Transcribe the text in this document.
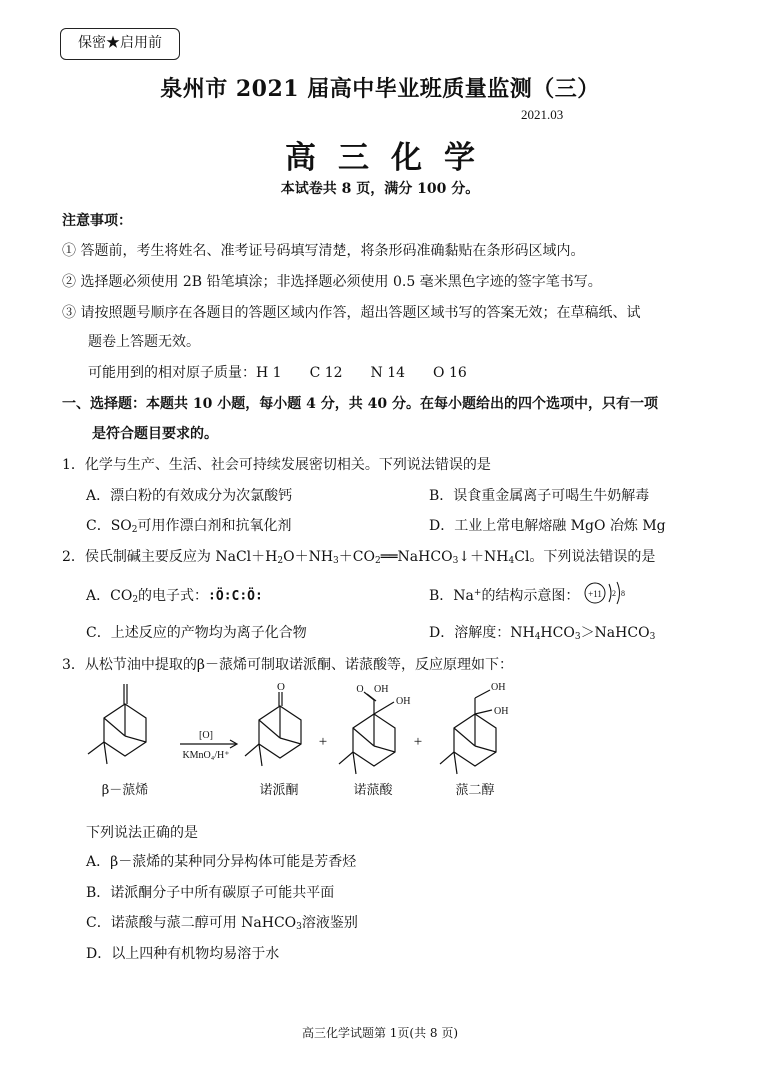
保密★启用前
泉州市 2021 届高中毕业班质量监测（三）
2021.03
高三化学
本试卷共 8 页，满分 100 分。
注意事项：
① 答题前，考生将姓名、准考证号码填写清楚，将条形码准确黏贴在条形码区域内。
② 选择题必须使用 2B 铅笔填涂；非选择题必须使用 0.5 毫米黑色字迹的签字笔书写。
③ 请按照题号顺序在各题目的答题区域内作答，超出答题区域书写的答案无效；在草稿纸、试
题卷上答题无效。
可能用到的相对原子质量：H 1　　C 12　　N 14　　O 16
一、选择题：本题共 10 小题，每小题 4 分，共 40 分。在每小题给出的四个选项中，只有一项
是符合题目要求的。
1．化学与生产、生活、社会可持续发展密切相关。下列说法错误的是
A．漂白粉的有效成分为次氯酸钙	B．误食重金属离子可喝生牛奶解毒
C．$SO_2$可用作漂白剂和抗氧化剂	D．工业上常电解熔融 MgO 冶炼 Mg
2．侯氏制碱主要反应为 $NaCl+H_2O+NH_3+CO_2══NaHCO_3↓+NH_4Cl$。下列说法错误的是
A．$CO_2$的电子式：∶Ö∶C∶Ö∶	B．Na+的结构示意图： +11 2 8
C．上述反应的产物均为离子化合物	D．溶解度：$NH_4HCO_3>NaHCO_3$
3．从松节油中提取的β－蒎烯可制取诺派酮、诺蒎酸等，反应原理如下：
[O]
KMnO₄/H⁺
O	O OH
OH
OH
OH
+	+
β－蒎烯	诺派酮	诺蒎酸	蒎二醇
下列说法正确的是
A．β－蒎烯的某种同分异构体可能是芳香烃
B．诺派酮分子中所有碳原子可能共平面
C．诺蒎酸与蒎二醇可用 NaHCO$_3$溶液鉴别
D．以上四种有机物均易溶于水
高三化学试题第 1页(共 8 页)
